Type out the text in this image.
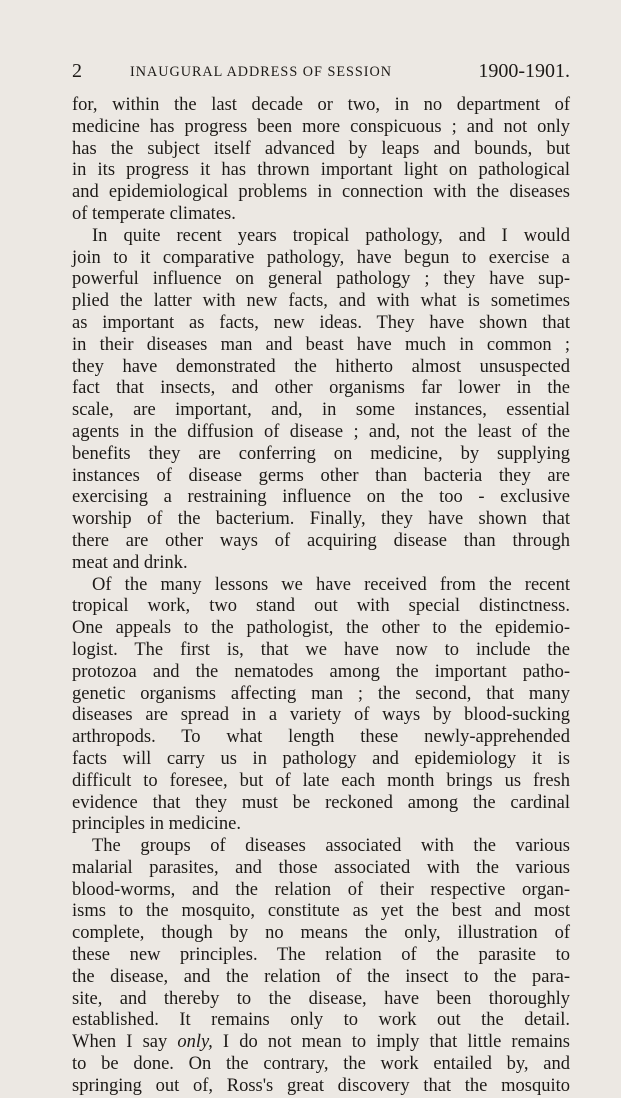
2	INAUGURAL ADDRESS OF SESSION	1900-1901.
for, within the last decade or two, in no department of
medicine has progress been more conspicuous ; and not only
has the subject itself advanced by leaps and bounds, but
in its progress it has thrown important light on pathological
and epidemiological problems in connection with the diseases
of temperate climates.
In quite recent years tropical pathology, and I would
join to it comparative pathology, have begun to exercise a
powerful influence on general pathology ; they have sup-
plied the latter with new facts, and with what is sometimes
as important as facts, new ideas. They have shown that
in their diseases man and beast have much in common ;
they have demonstrated the hitherto almost unsuspected
fact that insects, and other organisms far lower in the
scale, are important, and, in some instances, essential
agents in the diffusion of disease ; and, not the least of the
benefits they are conferring on medicine, by supplying
instances of disease germs other than bacteria they are
exercising a restraining influence on the too - exclusive
worship of the bacterium. Finally, they have shown that
there are other ways of acquiring disease than through
meat and drink.
Of the many lessons we have received from the recent
tropical work, two stand out with special distinctness.
One appeals to the pathologist, the other to the epidemio-
logist. The first is, that we have now to include the
protozoa and the nematodes among the important patho-
genetic organisms affecting man ; the second, that many
diseases are spread in a variety of ways by blood-sucking
arthropods. To what length these newly-apprehended
facts will carry us in pathology and epidemiology it is
difficult to foresee, but of late each month brings us fresh
evidence that they must be reckoned among the cardinal
principles in medicine.
The groups of diseases associated with the various
malarial parasites, and those associated with the various
blood-worms, and the relation of their respective organ-
isms to the mosquito, constitute as yet the best and most
complete, though by no means the only, illustration of
these new principles. The relation of the parasite to
the disease, and the relation of the insect to the para-
site, and thereby to the disease, have been thoroughly
established. It remains only to work out the detail.
When I say only, I do not mean to imply that little remains
to be done. On the contrary, the work entailed by, and
springing out of, Ross's great discovery that the mosquito
